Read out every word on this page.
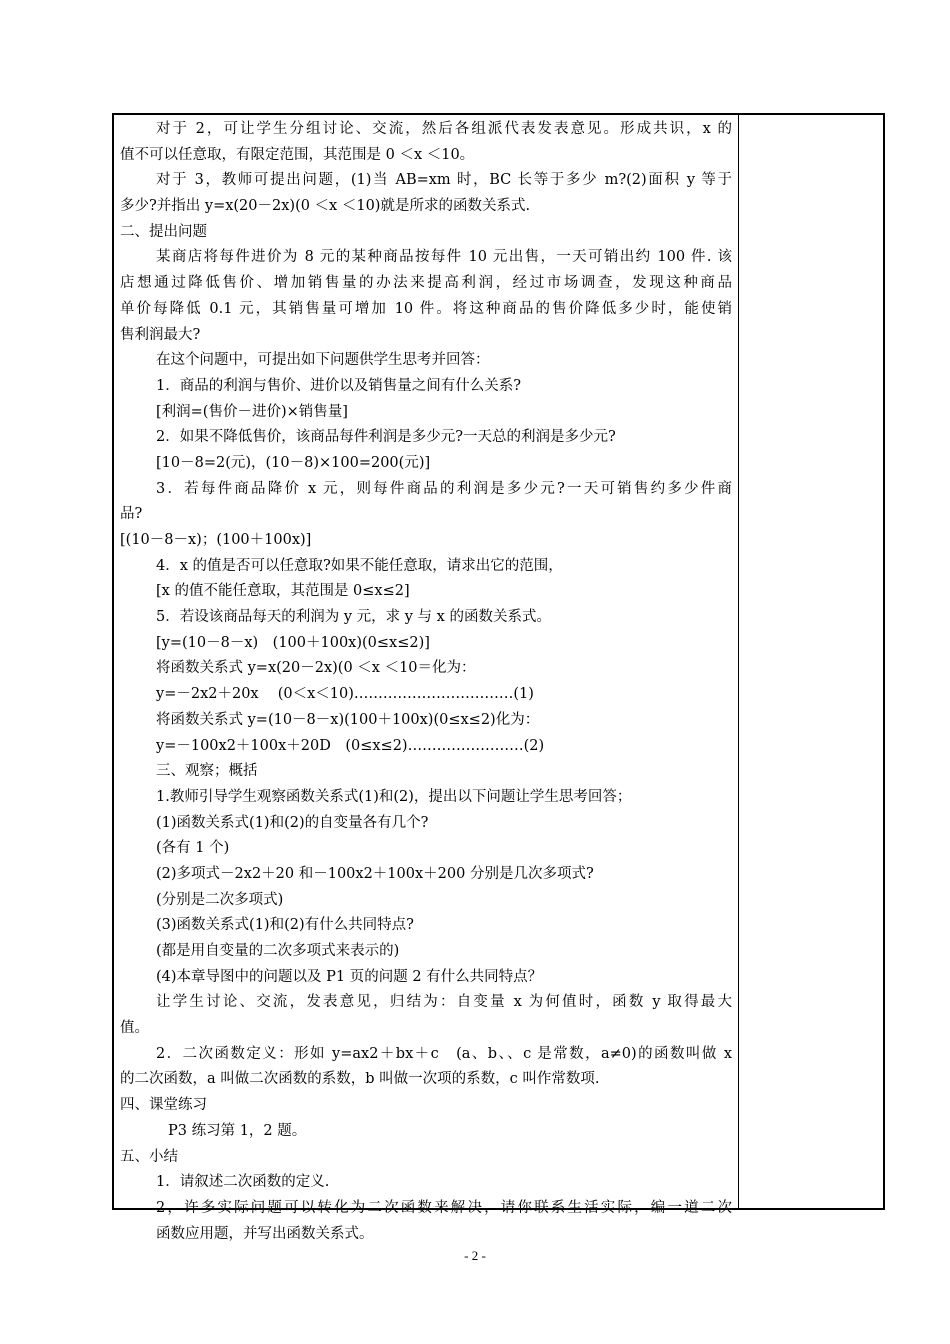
对于 2，可让学生分组讨论、交流，然后各组派代表发表意见。形成共识，x 的
值不可以任意取，有限定范围，其范围是 0 ＜x ＜10。
对于 3，教师可提出问题，(1)当 AB=xm 时，BC 长等于多少 m?(2)面积 y 等于
多少?并指出 y=x(20－2x)(0 ＜x ＜10)就是所求的函数关系式.
二、提出问题
某商店将每件进价为 8 元的某种商品按每件 10 元出售，一天可销出约 100 件. 该
店想通过降低售价、增加销售量的办法来提高利润，经过市场调查，发现这种商品
单价每降低 0.1 元，其销售量可增加 10 件。将这种商品的售价降低多少时，能使销
售利润最大?
在这个问题中，可提出如下问题供学生思考并回答：
1．商品的利润与售价、进价以及销售量之间有什么关系?
[利润=(售价－进价)×销售量]
2．如果不降低售价，该商品每件利润是多少元?一天总的利润是多少元?
[10－8=2(元)，(10－8)×100=200(元)]
3．若每件商品降价 x 元，则每件商品的利润是多少元?一天可销售约多少件商
品?
[(10－8－x)；(100＋100x)]
4．x 的值是否可以任意取?如果不能任意取，请求出它的范围，
[x 的值不能任意取，其范围是 0≤x≤2]
5．若设该商品每天的利润为 y 元，求 y 与 x 的函数关系式。
[y=(10－8－x)　(100＋100x)(0≤x≤2)]
将函数关系式 y=x(20－2x)(0 ＜x ＜10＝化为：
y=－2x2＋20x　 (0＜x＜10)……………………………(1)
将函数关系式 y=(10－8－x)(100＋100x)(0≤x≤2)化为：
y=－100x2＋100x＋20D　(0≤x≤2)……………………(2)
三、观察；概括
1.教师引导学生观察函数关系式(1)和(2)，提出以下问题让学生思考回答；
(1)函数关系式(1)和(2)的自变量各有几个?
(各有 1 个)
(2)多项式－2x2＋20 和－100x2＋100x＋200 分别是几次多项式?
(分别是二次多项式)
(3)函数关系式(1)和(2)有什么共同特点?
(都是用自变量的二次多项式来表示的)
(4)本章导图中的问题以及 P1 页的问题 2 有什么共同特点？
让学生讨论、交流，发表意见，归结为：自变量 x 为何值时，函数 y 取得最大
值。
2．二次函数定义：形如 y=ax2＋bx＋c　(a、b、、c 是常数，a≠0)的函数叫做 x
的二次函数，a 叫做二次函数的系数，b 叫做一次项的系数，c 叫作常数项.
四、课堂练习
P3 练习第 1，2 题。
五、小结
1．请叙述二次函数的定义.
2，许多实际问题可以转化为二次函数来解决，请你联系生活实际，编一道二次
函数应用题，并写出函数关系式。
- 2 -
